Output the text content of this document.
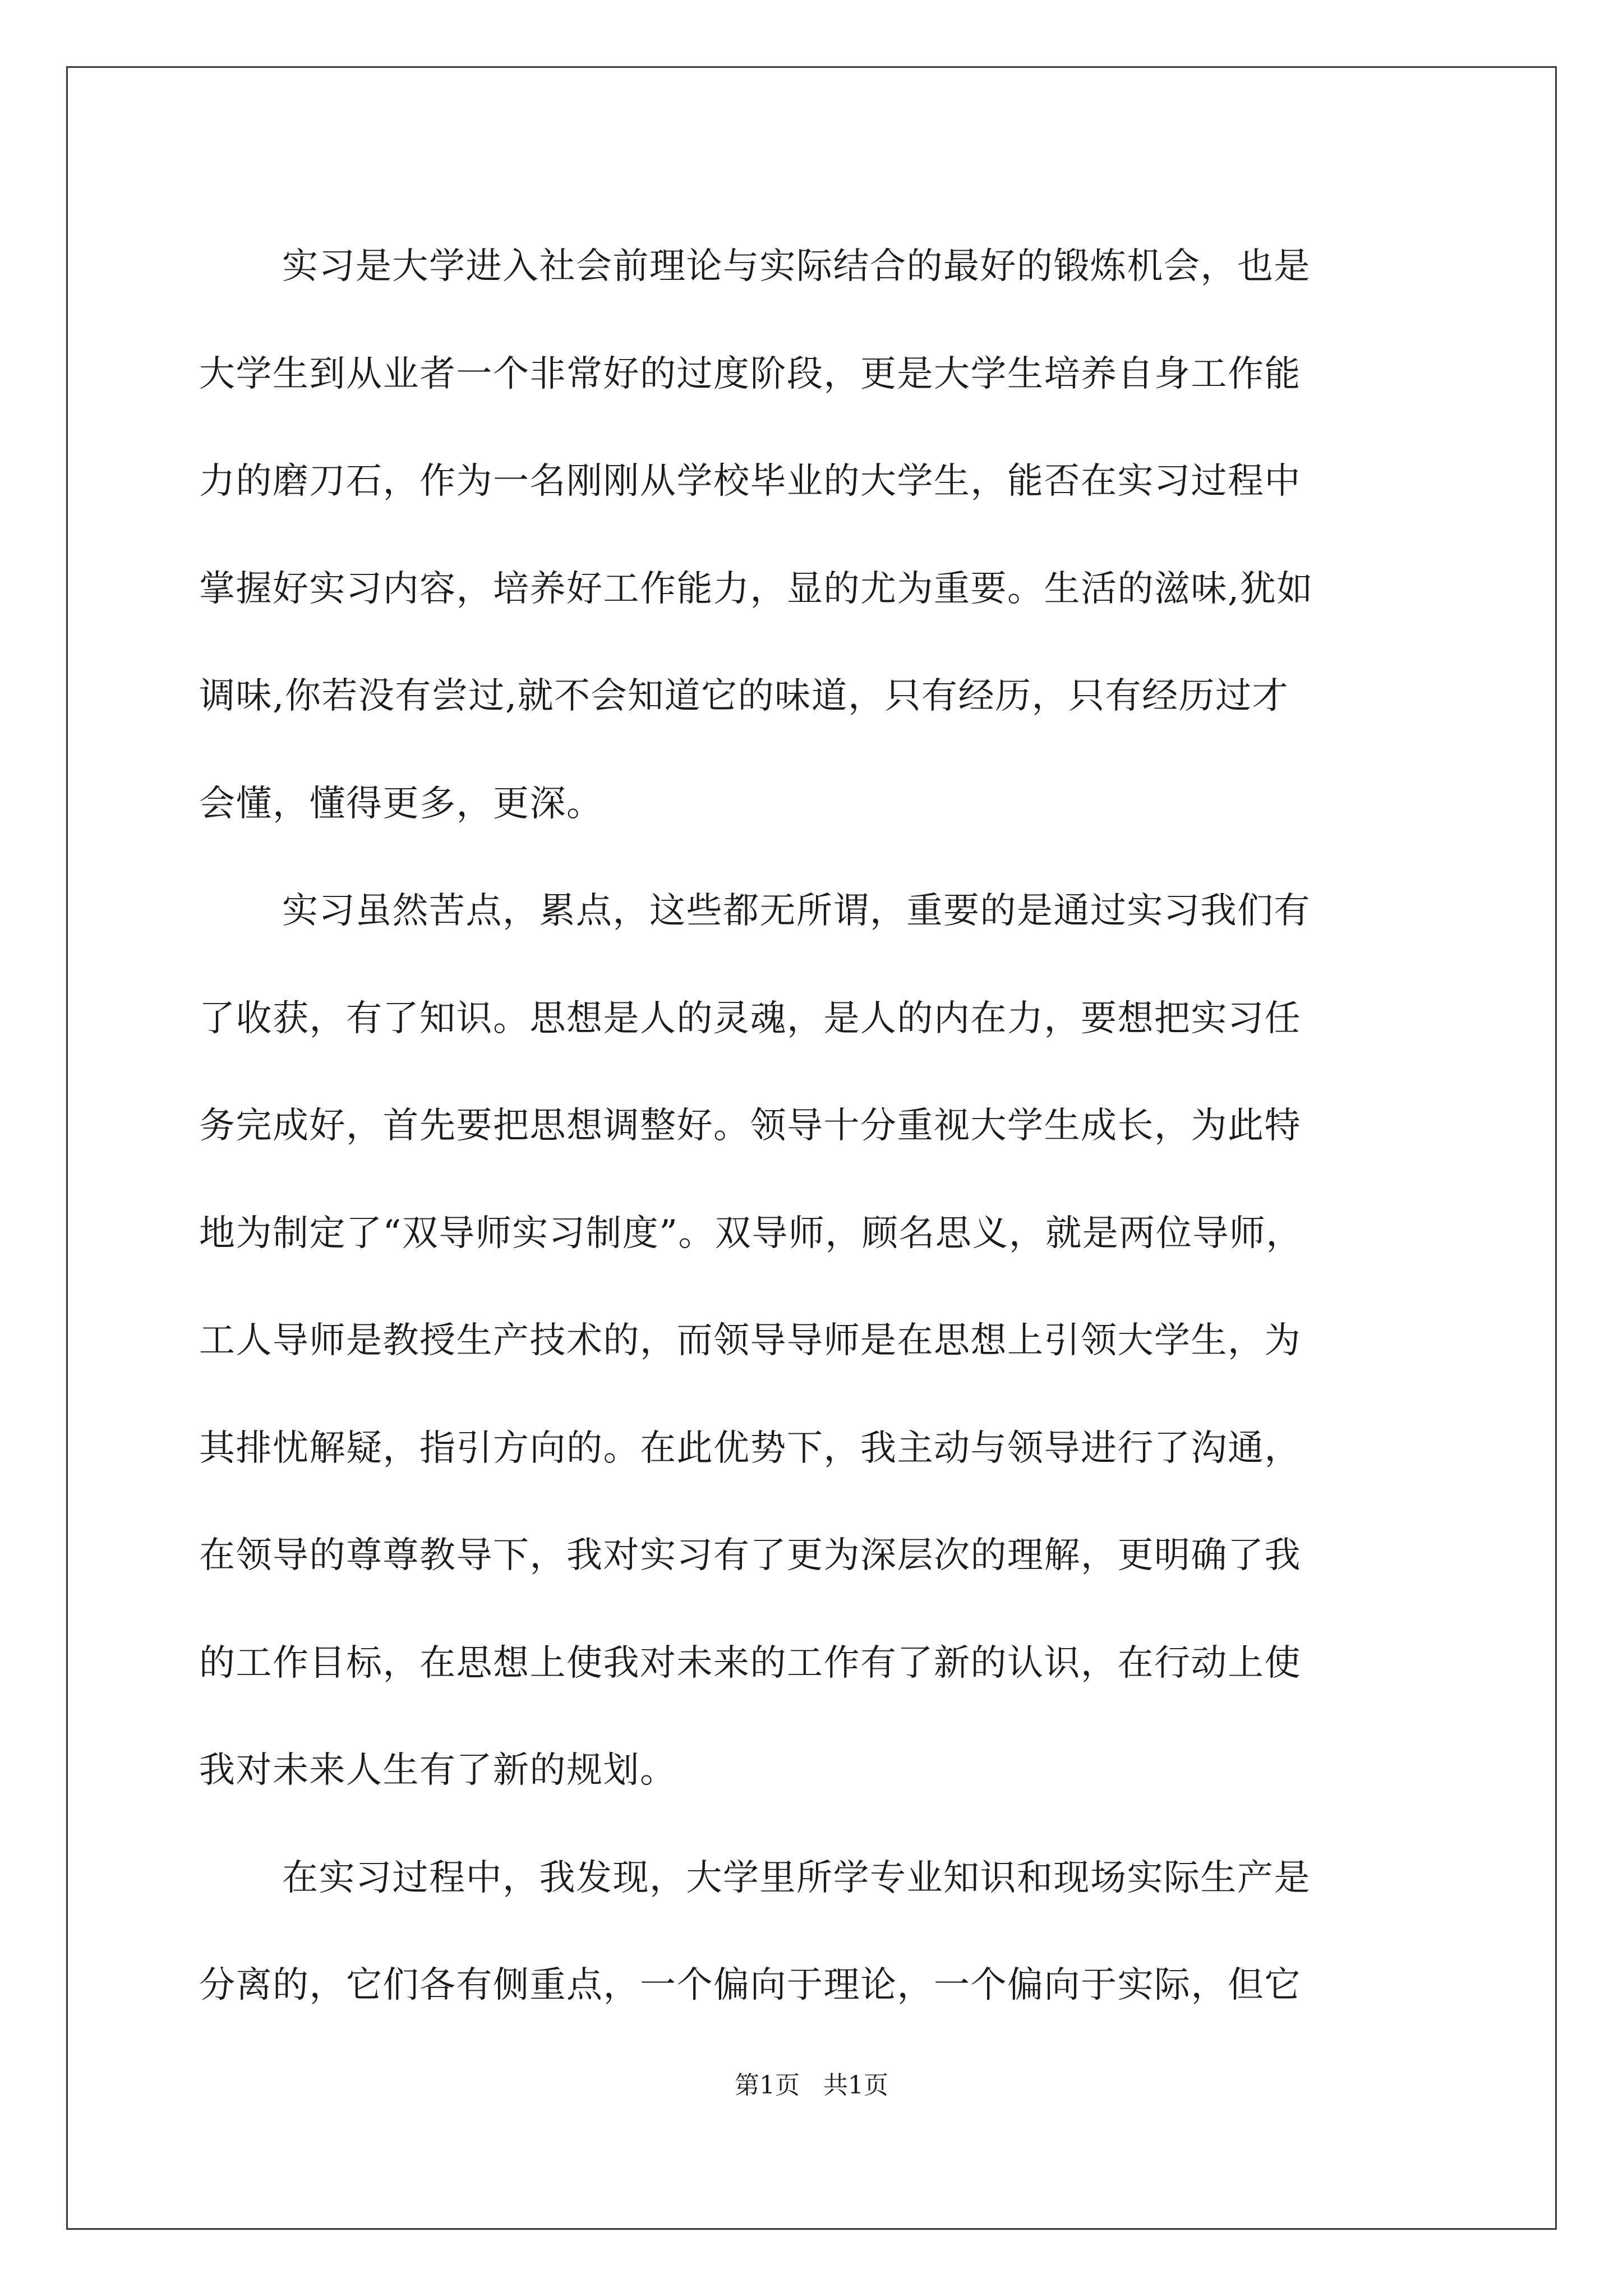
实习是大学进入社会前理论与实际结合的最好的锻炼机会，也是
大学生到从业者一个非常好的过度阶段，更是大学生培养自身工作能
力的磨刀石，作为一名刚刚从学校毕业的大学生，能否在实习过程中
掌握好实习内容，培养好工作能力，显的尤为重要。生活的滋味,犹如
调味,你若没有尝过,就不会知道它的味道，只有经历，只有经历过才
会懂，懂得更多，更深。
实习虽然苦点，累点，这些都无所谓，重要的是通过实习我们有
了收获，有了知识。思想是人的灵魂，是人的内在力，要想把实习任
务完成好，首先要把思想调整好。领导十分重视大学生成长，为此特
地为制定了“双导师实习制度”。双导师，顾名思义，就是两位导师，
工人导师是教授生产技术的，而领导导师是在思想上引领大学生，为
其排忧解疑，指引方向的。在此优势下，我主动与领导进行了沟通，
在领导的尊尊教导下，我对实习有了更为深层次的理解，更明确了我
的工作目标，在思想上使我对未来的工作有了新的认识，在行动上使
我对未来人生有了新的规划。
在实习过程中，我发现，大学里所学专业知识和现场实际生产是
分离的，它们各有侧重点，一个偏向于理论，一个偏向于实际，但它
第1页   共1页
